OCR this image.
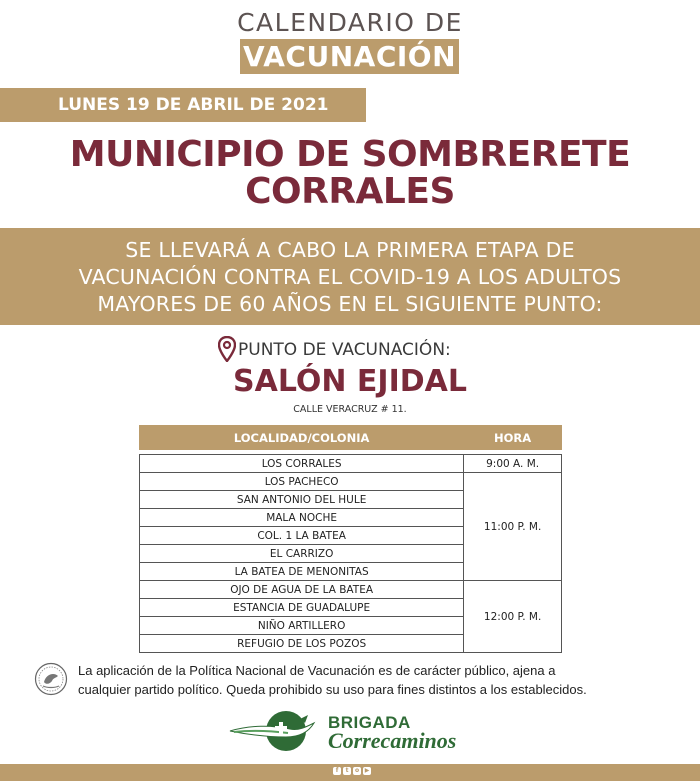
CALENDARIO DE
VACUNACIÓN
LUNES 19 DE ABRIL DE 2021
MUNICIPIO DE SOMBRERETE
CORRALES
SE LLEVARÁ A CABO LA PRIMERA ETAPA DE
VACUNACIÓN CONTRA EL COVID-19 A LOS ADULTOS
MAYORES DE 60 AÑOS EN EL SIGUIENTE PUNTO:
PUNTO DE VACUNACIÓN:
SALÓN EJIDAL
CALLE VERACRUZ # 11.
LOCALIDAD/COLONIA	HORA

LOS CORRALES	9:00 A. M.
LOS PACHECO	11:00 P. M.
SAN ANTONIO DEL HULE	
MALA NOCHE	
COL. 1 LA BATEA	
EL CARRIZO	
LA BATEA DE MENONITAS	
OJO DE AGUA DE LA BATEA	12:00 P. M.
ESTANCIA DE GUADALUPE	
NIÑO ARTILLERO	
REFUGIO DE LOS POZOS	
La aplicación de la Política Nacional de Vacunación es de carácter público, ajena a
cualquier partido político. Queda prohibido su uso para fines distintos a los establecidos.
BRIGADA
Correcaminos
f	t	o ▶
